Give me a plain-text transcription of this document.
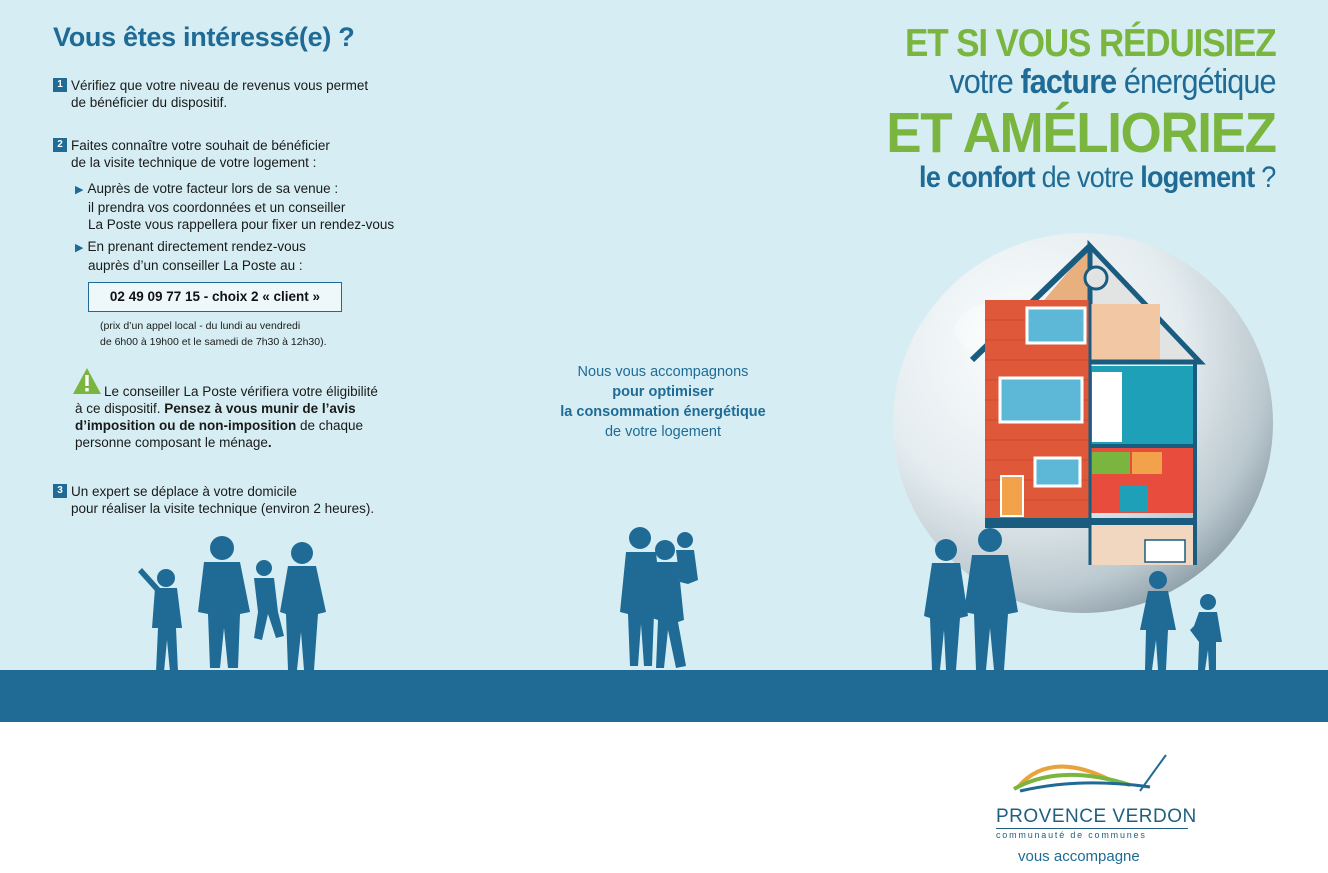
Vous êtes intéressé(e) ?
1 Vérifiez que votre niveau de revenus vous permet
de bénéficier du dispositif.
2 Faites connaître votre souhait de bénéficier
de la visite technique de votre logement :
▶ Auprès de votre facteur lors de sa venue :
il prendra vos coordonnées et un conseiller
La Poste vous rappellera pour fixer un rendez-vous
▶ En prenant directement rendez-vous
auprès d’un conseiller La Poste au :
02 49 09 77 15 - choix 2 « client »
(prix d’un appel local - du lundi au vendredi
de 6h00 à 19h00 et le samedi de 7h30 à 12h30).
Le conseiller La Poste vérifiera votre éligibilité
à ce dispositif. Pensez à vous munir de l’avis
d’imposition ou de non-imposition de chaque
personne composant le ménage.
3 Un expert se déplace à votre domicile
pour réaliser la visite technique (environ 2 heures).
Nous vous accompagnons
pour optimiser
la consommation énergétique
de votre logement
ET SI VOUS RÉDUISIEZ
votre facture énergétique
ET AMÉLIORIEZ
le confort de votre logement ?
PROVENCE VERDON
communauté de communes
vous accompagne
